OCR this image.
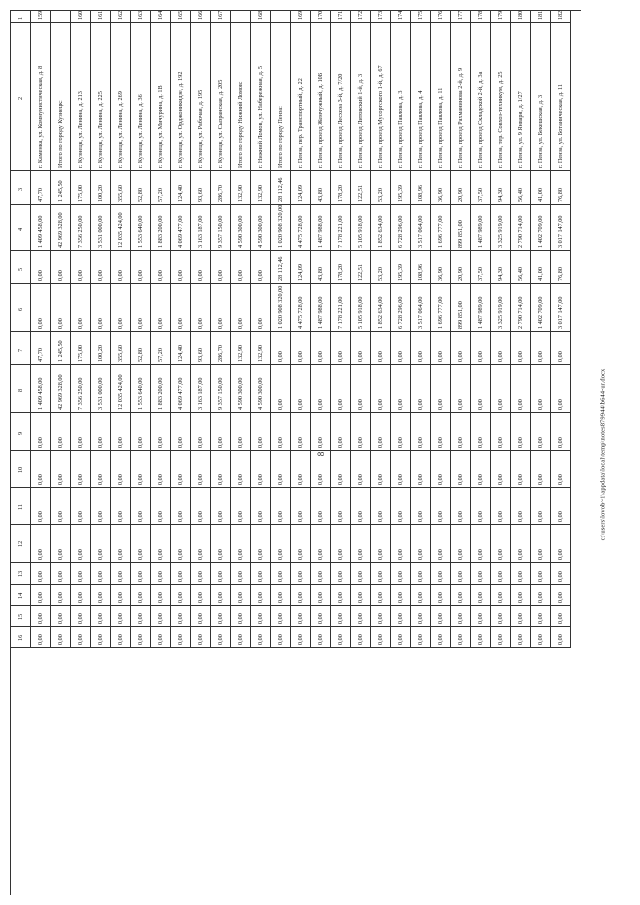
8
1
2
3
4
5
6
7
8
9
10
11
12
13
14
15
16
159
г. Каменка, ул. Коммунистическая, д. 8
47,70
1 409 458,00
0,00
0,00
47,70
1 409 458,00
0,00
0,00
0,00
0,00
0,00
0,00
0,00
0,00
Итого по городу Кузнецк:
1 245,50
42 969 328,00
0,00
0,00
1 245,50
42 969 328,00
0,00
0,00
0,00
0,00
0,00
0,00
0,00
0,00
160
г. Кузнецк, ул. Ленина, д. 213
175,00
7 356 250,00
0,00
0,00
175,00
7 356 250,00
0,00
0,00
0,00
0,00
0,00
0,00
0,00
0,00
161
г. Кузнецк, ул. Ленина, д. 225
100,20
3 531 000,00
0,00
0,00
100,20
3 531 000,00
0,00
0,00
0,00
0,00
0,00
0,00
0,00
0,00
162
г. Кузнецк, ул. Ленина, д. 269
355,60
12 035 424,00
0,00
0,00
355,60
12 035 424,00
0,00
0,00
0,00
0,00
0,00
0,00
0,00
0,00
163
г. Кузнецк, ул. Ленина, д. 36
52,80
1 553 640,00
0,00
0,00
52,80
1 553 640,00
0,00
0,00
0,00
0,00
0,00
0,00
0,00
0,00
164
г. Кузнецк, ул. Мичурина, д. 1В
57,20
1 883 200,00
0,00
0,00
57,20
1 883 200,00
0,00
0,00
0,00
0,00
0,00
0,00
0,00
0,00
165
г. Кузнецк, ул. Орджоникидзе, д. 192
124,40
4 069 477,00
0,00
0,00
124,40
4 069 477,00
0,00
0,00
0,00
0,00
0,00
0,00
0,00
0,00
166
г. Кузнецк, ул. Рабочая, д. 195
93,60
3 163 187,00
0,00
0,00
93,60
3 163 187,00
0,00
0,00
0,00
0,00
0,00
0,00
0,00
0,00
167
г. Кузнецк, ул. Сызранская, д. 205
286,70
9 357 150,00
0,00
0,00
286,70
9 357 150,00
0,00
0,00
0,00
0,00
0,00
0,00
0,00
0,00
Итого по городу Нижний Ломов:
132,90
4 590 300,00
0,00
0,00
132,90
4 590 300,00
0,00
0,00
0,00
0,00
0,00
0,00
0,00
0,00
168
г. Нижний Ломов, ул. Набережная, д. 5
132,90
4 590 300,00
0,00
0,00
132,90
4 590 300,00
0,00
0,00
0,00
0,00
0,00
0,00
0,00
0,00
Итого по городу Пенза:
28 112,46
1 020 908 320,00
28 112,46
1 020 908 320,00
0,00
0,00
0,00
0,00
0,00
0,00
0,00
0,00
0,00
0,00
169
г. Пенза, пер. Транспортный, д. 22
124,09
4 475 728,00
124,09
4 475 728,00
0,00
0,00
0,00
0,00
0,00
0,00
0,00
0,00
0,00
0,00
170
г. Пенза, проезд Жемчужный, д. 10Б
43,80
1 487 988,00
43,80
1 487 988,00
0,00
0,00
0,00
0,00
0,00
0,00
0,00
0,00
0,00
0,00
171
г. Пенза, проезд Лесхоза 3-й, д. 7/20
178,20
7 178 221,00
178,20
7 178 221,00
0,00
0,00
0,00
0,00
0,00
0,00
0,00
0,00
0,00
0,00
172
г. Пенза, проезд Литовский 1-й, д. 3
122,51
5 105 918,00
122,51
5 105 918,00
0,00
0,00
0,00
0,00
0,00
0,00
0,00
0,00
0,00
0,00
173
г. Пенза, проезд Мусоргского 1-й, д. 67
53,20
1 852 634,00
53,20
1 852 634,00
0,00
0,00
0,00
0,00
0,00
0,00
0,00
0,00
0,00
0,00
174
г. Пенза, проезд Павлова, д. 3
195,39
6 728 296,00
195,39
6 728 296,00
0,00
0,00
0,00
0,00
0,00
0,00
0,00
0,00
0,00
0,00
175
г. Пенза, проезд Павлова, д. 4
108,96
3 517 064,00
108,96
3 517 064,00
0,00
0,00
0,00
0,00
0,00
0,00
0,00
0,00
0,00
0,00
176
г. Пенза, проезд Павлова, д. 11
36,90
1 696 777,00
36,90
1 696 777,00
0,00
0,00
0,00
0,00
0,00
0,00
0,00
0,00
0,00
0,00
177
г. Пенза, проезд Рахманинова 2-й, д. 9
20,90
899 851,00
20,90
899 851,00
0,00
0,00
0,00
0,00
0,00
0,00
0,00
0,00
0,00
0,00
178
г. Пенза, проезд Складской 2-й, д. 3а
37,50
1 487 989,00
37,50
1 487 989,00
0,00
0,00
0,00
0,00
0,00
0,00
0,00
0,00
0,00
0,00
179
г. Пенза, тер. Совхоз-техникум, д. 25
94,30
3 325 919,00
94,30
3 325 919,00
0,00
0,00
0,00
0,00
0,00
0,00
0,00
0,00
0,00
0,00
180
г. Пенза, ул. 9 Января, д. 1/27
56,40
2 790 714,00
56,40
2 790 714,00
0,00
0,00
0,00
0,00
0,00
0,00
0,00
0,00
0,00
0,00
181
г. Пенза, ул. Бекешская, д. 3
41,00
1 402 709,00
41,00
1 402 709,00
0,00
0,00
0,00
0,00
0,00
0,00
0,00
0,00
0,00
0,00
182
г. Пенза, ул. Ботаническая, д. 11
76,80
3 017 147,00
76,80
3 017 147,00
0,00
0,00
0,00
0,00
0,00
0,00
0,00
0,00
0,00
0,00
c:\users\lovob~1\appdata\local\temp\notes879944\b644-ur.docx
